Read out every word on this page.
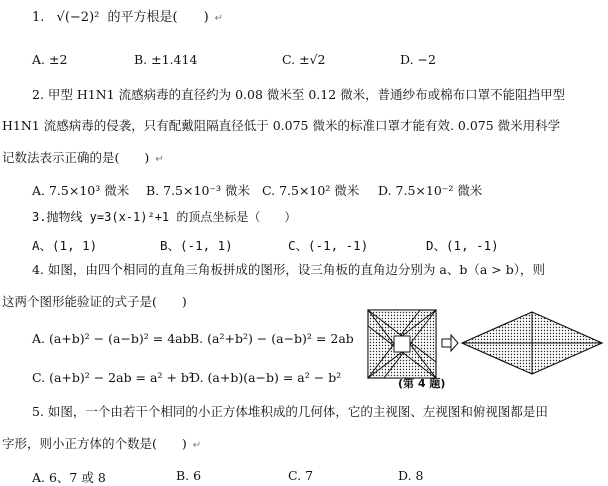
1. √(−2)² 的平方根是(　　) ↵
A. ±2	B. ±1.414	C. ±√2	D. −2
2. 甲型 H1N1 流感病毒的直径约为 0.08 微米至 0.12 微米，普通纱布或棉布口罩不能阻挡甲型
H1N1 流感病毒的侵袭，只有配戴阻隔直径低于 0.075 微米的标准口罩才能有效. 0.075 微米用科学
记数法表示正确的是(　　) ↵
A. 7.5×10³ 微米 B. 7.5×10⁻³ 微米 C. 7.5×10² 微米 D. 7.5×10⁻² 微米
3.抛物线 y=3(x-1)²+1 的顶点坐标是（　　）
A、(1, 1)	B、(-1, 1)	C、(-1, -1)	D、(1, -1)
4. 如图，由四个相同的直角三角板拼成的图形，设三角板的直角边分别为 a、b（a > b），则
这两个图形能验证的式子是(　　)
A. (a+b)² − (a−b)² = 4ab B. (a²+b²) − (a−b)² = 2ab
C. (a+b)² − 2ab = a² + b²
D. (a+b)(a−b) = a² − b²	(第 4 题)
5. 如图，一个由若干个相同的小正方体堆积成的几何体，它的主视图、左视图和俯视图都是田
字形，则小正方体的个数是(　　) ↵
A. 6、7 或 8	B. 6	C. 7	D. 8
